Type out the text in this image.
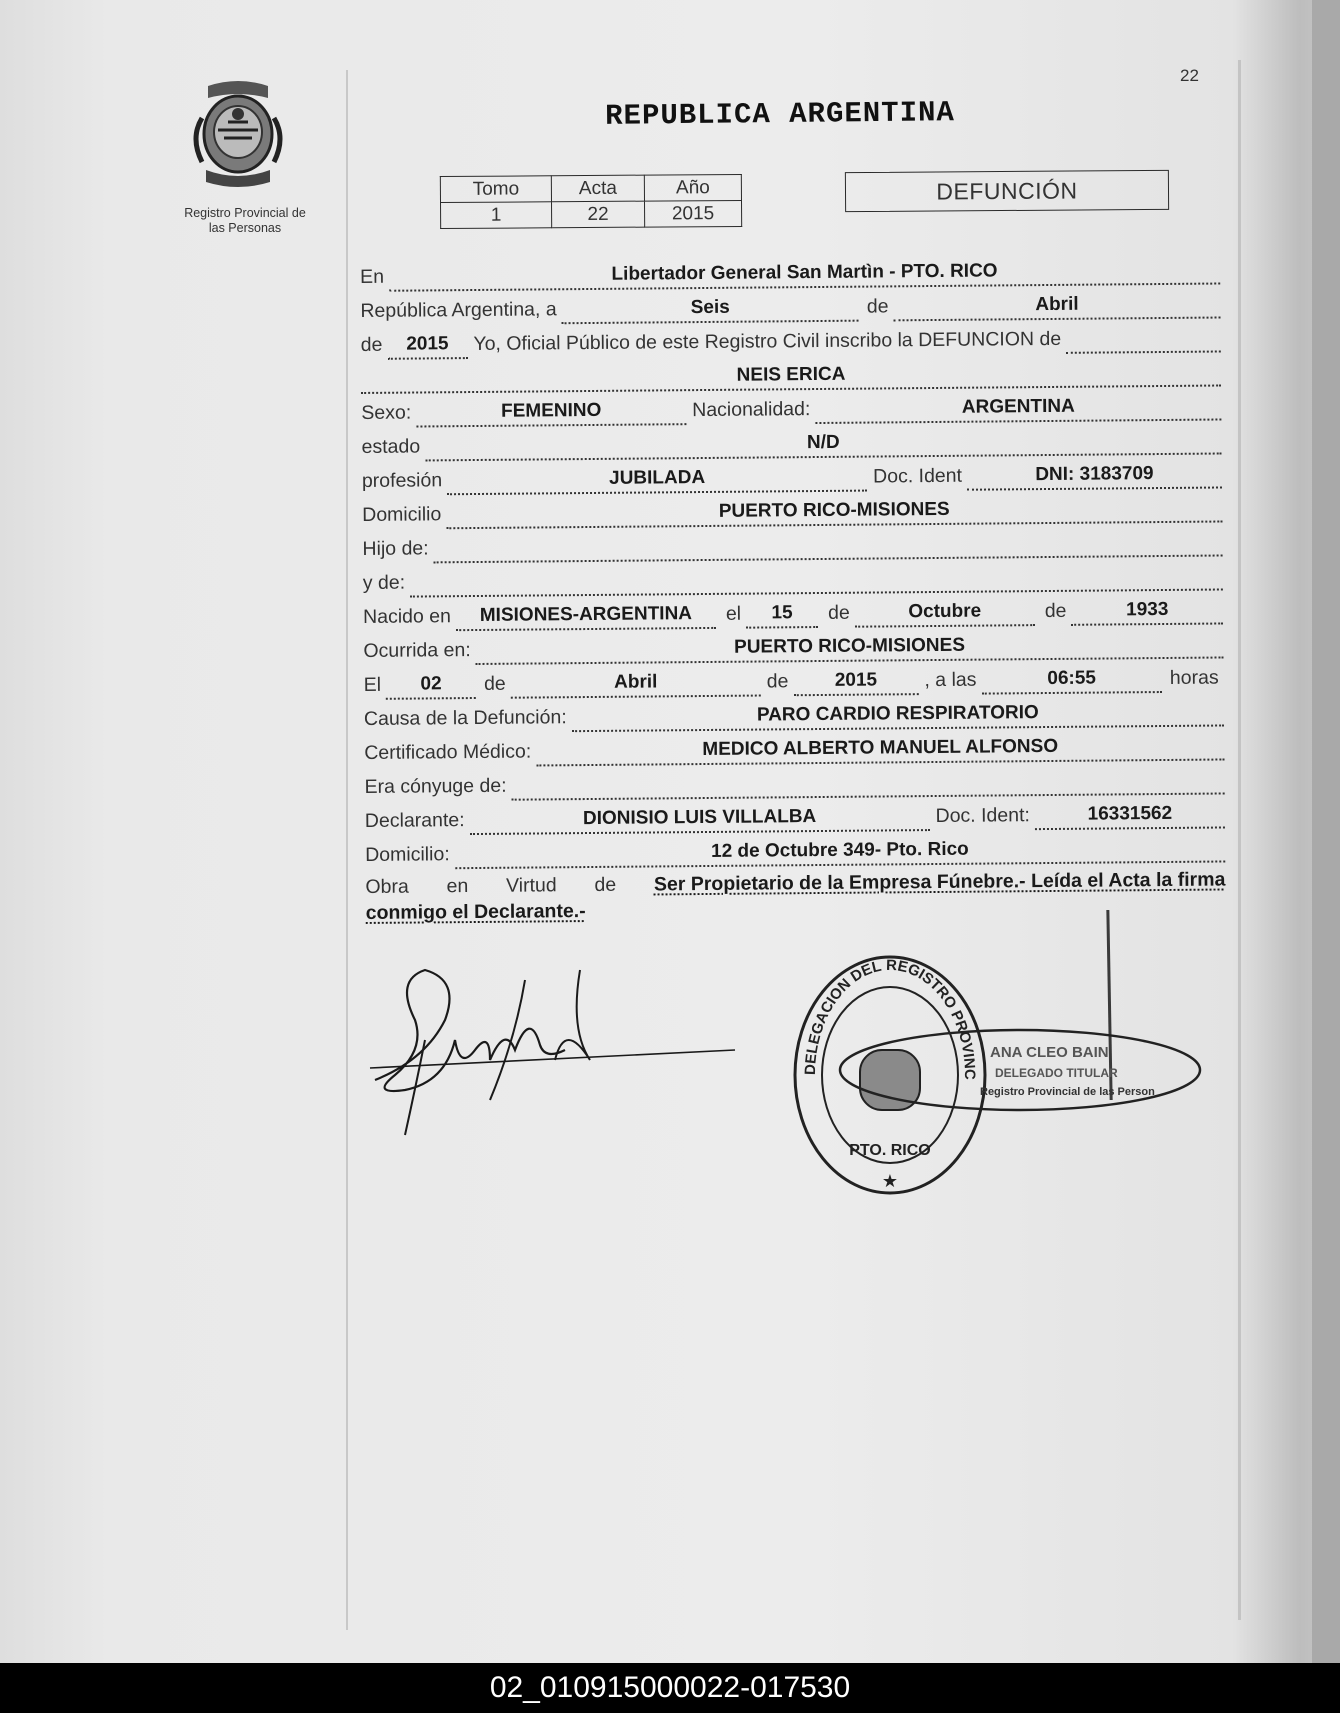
22
Registro Provincial de
las Personas
REPUBLICA ARGENTINA
Tomo	Acta	Año
1	22	2015
DEFUNCIÓN
En	Libertador General San Martìn - PTO. RICO
República Argentina, a	Seis	de	Abril
de	2015	Yo, Oficial Público de este Registro Civil inscribo la DEFUNCION de
NEIS ERICA
Sexo:	FEMENINO	Nacionalidad:	ARGENTINA
estado	N/D
profesión	JUBILADA	Doc. Ident	DNI: 3183709
Domicilio	PUERTO RICO-MISIONES
Hijo de:
y de:
Nacido en	MISIONES-ARGENTINA	el	15	de	Octubre	de	1933
Ocurrida en:	PUERTO RICO-MISIONES
El	02	de	Abril	de	2015	, a las	06:55	horas
Causa de la Defunción:	PARO CARDIO RESPIRATORIO
Certificado Médico:	MEDICO ALBERTO MANUEL ALFONSO
Era cónyuge de:
Declarante:	DIONISIO LUIS VILLALBA	Doc. Ident:	16331562
Domicilio:	12 de Octubre 349- Pto. Rico
Obra en Virtud de Ser Propietario de la Empresa Fúnebre.- Leída el Acta la firma
conmigo el Declarante.-
DELEGACION DEL REGISTRO PROVINC
PTO. RICO
★
ANA CLEO BAIN
DELEGADO TITULAR
Registro Provincial de las Person
02_010915000022-017530
